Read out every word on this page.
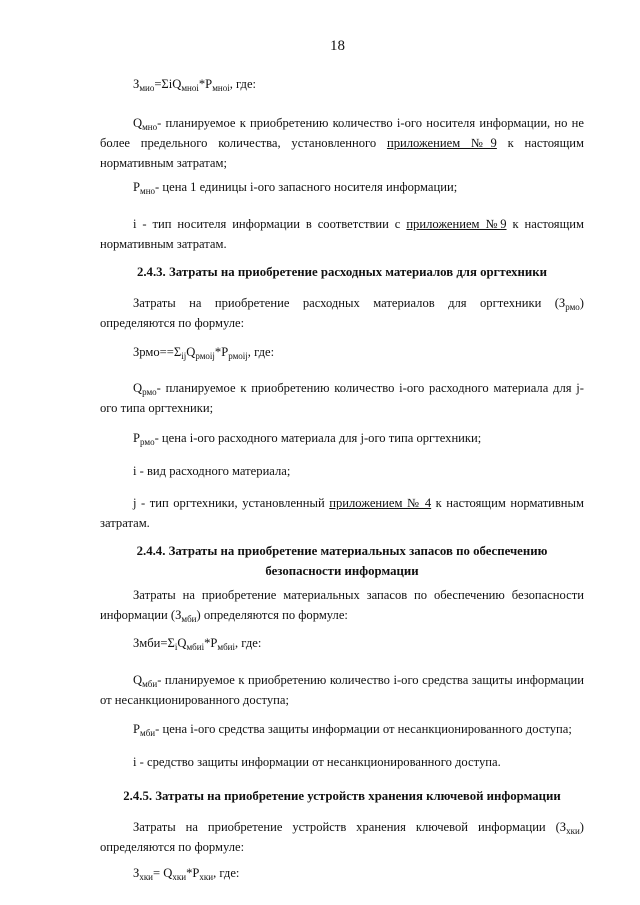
18

$З_{мио}=\Sigma iQ_{мноi}*P_{мноi}$, где:

$Q_{мно}-$ планируемое к приобретению количество i-ого носителя информации, но не более предельного количества, установленного приложением №9 к настоящим нормативным затратам;

$P_{мно}-$ цена 1 единицы i-ого запасного носителя информации;

i - тип носителя информации в соответствии с приложением №9 к настоящим нормативным затратам.

2.4.3. Затраты на приобретение расходных материалов для оргтехники

Затраты на приобретение расходных материалов для оргтехники $(З_{рмо})$ определяются по формуле:

$Зрмо==\Sigma_{ij}Q_{рмоij}*P_{рмоij}$, где:

$Q_{рмо}-$ планируемое к приобретению количество i-ого расходного материала для j-ого типа оргтехники;

$P_{рмо}-$ цена i-ого расходного материала для j-ого типа оргтехники;

i - вид расходного материала;

j - тип оргтехники, установленный приложением № 4 к настоящим нормативным затратам.

2.4.4. Затраты на приобретение материальных запасов по обеспечению безопасности информации

Затраты на приобретение материальных запасов по обеспечению безопасности информации $(З_{мби})$ определяются по формуле:

$Змби=\Sigma_iQ_{мбиi}*P_{мбиi}$, где:

$Q_{мби}-$ планируемое к приобретению количество i-ого средства защиты информации от несанкционированного доступа;

$P_{мби}-$ цена i-ого средства защиты информации от несанкционированного доступа;

i - средство защиты информации от несанкционированного доступа.

2.4.5. Затраты на приобретение устройств хранения ключевой информации

Затраты на приобретение устройств хранения ключевой информации $(З_{хки})$ определяются по формуле:

$З_{хки}= Q_{хки}*P_{хки}$, где:
